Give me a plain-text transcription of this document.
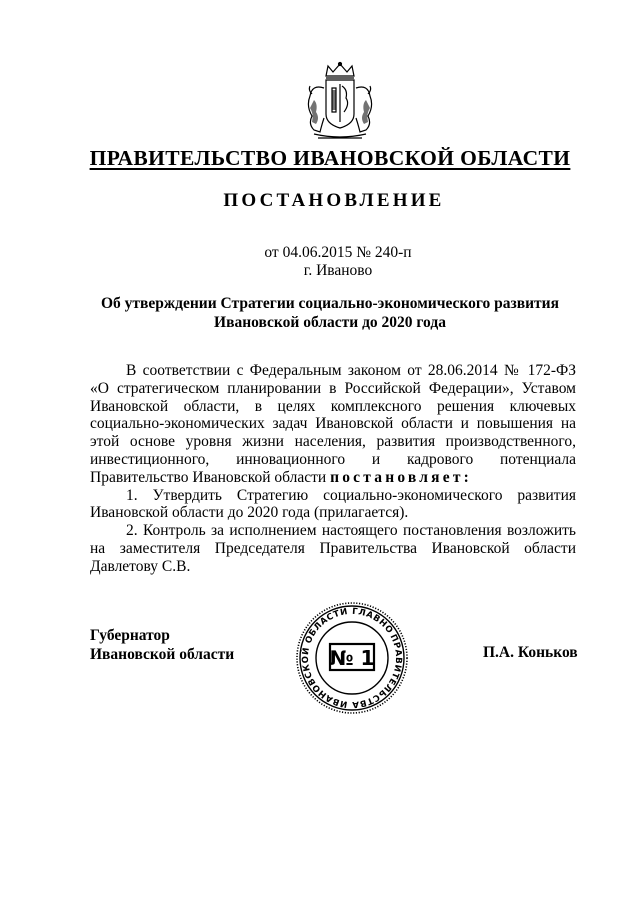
ПРАВИТЕЛЬСТВО ИВАНОВСКОЙ ОБЛАСТИ
ПОСТАНОВЛЕНИЕ
от 04.06.2015 № 240-п
г. Иваново
Об утверждении Стратегии социально-экономического развития
Ивановской области до 2020 года
В соответствии с Федеральным законом от 28.06.2014 № 172-ФЗ
«О стратегическом планировании в Российской Федерации», Уставом
Ивановской области, в целях комплексного решения ключевых
социально-экономических задач Ивановской области и повышения на
этой основе уровня жизни населения, развития производственного,
инвестиционного, инновационного и кадрового потенциала
Правительство Ивановской области постановляет:
1. Утвердить Стратегию социально-экономического развития
Ивановской области до 2020 года (прилагается).
2. Контроль за исполнением настоящего постановления возложить
на заместителя Председателя Правительства Ивановской области
Давлетову С.В.
Губернатор
Ивановской области
ПРАВИТЕЛЬСТВА ИВАНОВСКОЙ ОБЛАСТИ ГЛАВНОЕ
№ 1	П.А. Коньков
